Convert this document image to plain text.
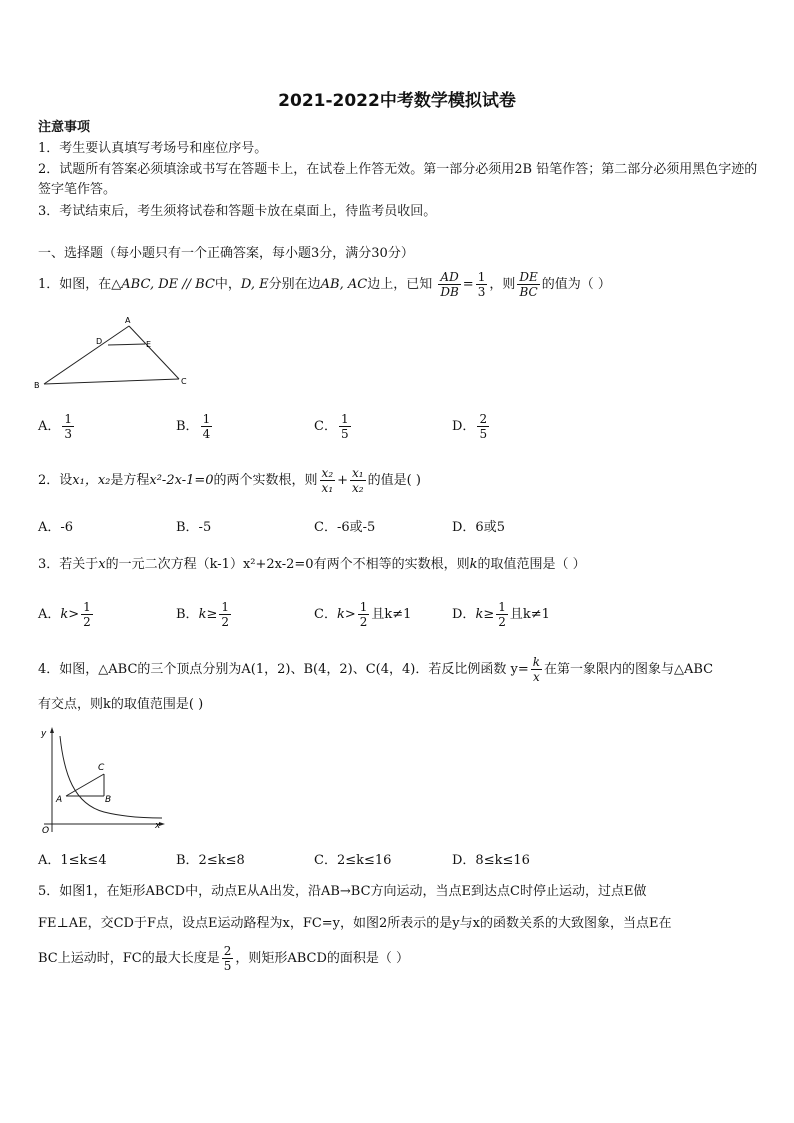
2021-2022中考数学模拟试卷
注意事项
1．考生要认真填写考场号和座位序号。
2．试题所有答案必须填涂或书写在答题卡上，在试卷上作答无效。第一部分必须用2B 铅笔作答；第二部分必须用黑色字迹的签字笔作答。
3．考试结束后，考生须将试卷和答题卡放在桌面上，待监考员收回。
一、选择题（每小题只有一个正确答案，每小题3分，满分30分）
1．如图，在△ABC, DE // BC中，D, E分别在边AB, AC边上，已知 $\frac{AD}{DB} = \frac{1}{3}$ ，则 $\frac{DE}{BC}$ 的值为（ ）
A
B	C
D	E
A． $\frac{1}{3}$	B． $\frac{1}{4}$	C． $\frac{1}{5}$	D． $\frac{2}{5}$
2．设x₁，x₂是方程x²-2x-1=0的两个实数根，则 $\frac{\text{x₂}}{\text{x₁}} + \frac{\text{x₁}}{\text{x₂}}$ 的值是( )
A．-6	B．-5	C．-6或-5	D．6或5
3．若关于x的一元二次方程（k-1）x²+2x-2=0有两个不相等的实数根，则k的取值范围是（ ）
A．$k> \frac{1}{2}$	B．$k\ge \frac{1}{2}$	C．$k> \frac{1}{2}$ 且k≠1	D．$k\ge \frac{1}{2}$ 且k≠1
4．如图，△ABC的三个顶点分别为A(1，2)、B(4，2)、C(4，4)．若反比例函数 $y= \frac{k}{x}$ 在第一象限内的图象与△ABC
有交点，则k的取值范围是( )
y
x
O
A	B
C
A．1≤k≤4	B．2≤k≤8	C．2≤k≤16	D．8≤k≤16
5．如图1，在矩形ABCD中，动点E从A出发，沿AB→BC方向运动，当点E到达点C时停止运动，过点E做
FE⊥AE，交CD于F点，设点E运动路程为x，FC=y，如图2所表示的是y与x的函数关系的大致图象，当点E在
BC上运动时，FC的最大长度是 $\frac{2}{5}$ ，则矩形ABCD的面积是（ ）
